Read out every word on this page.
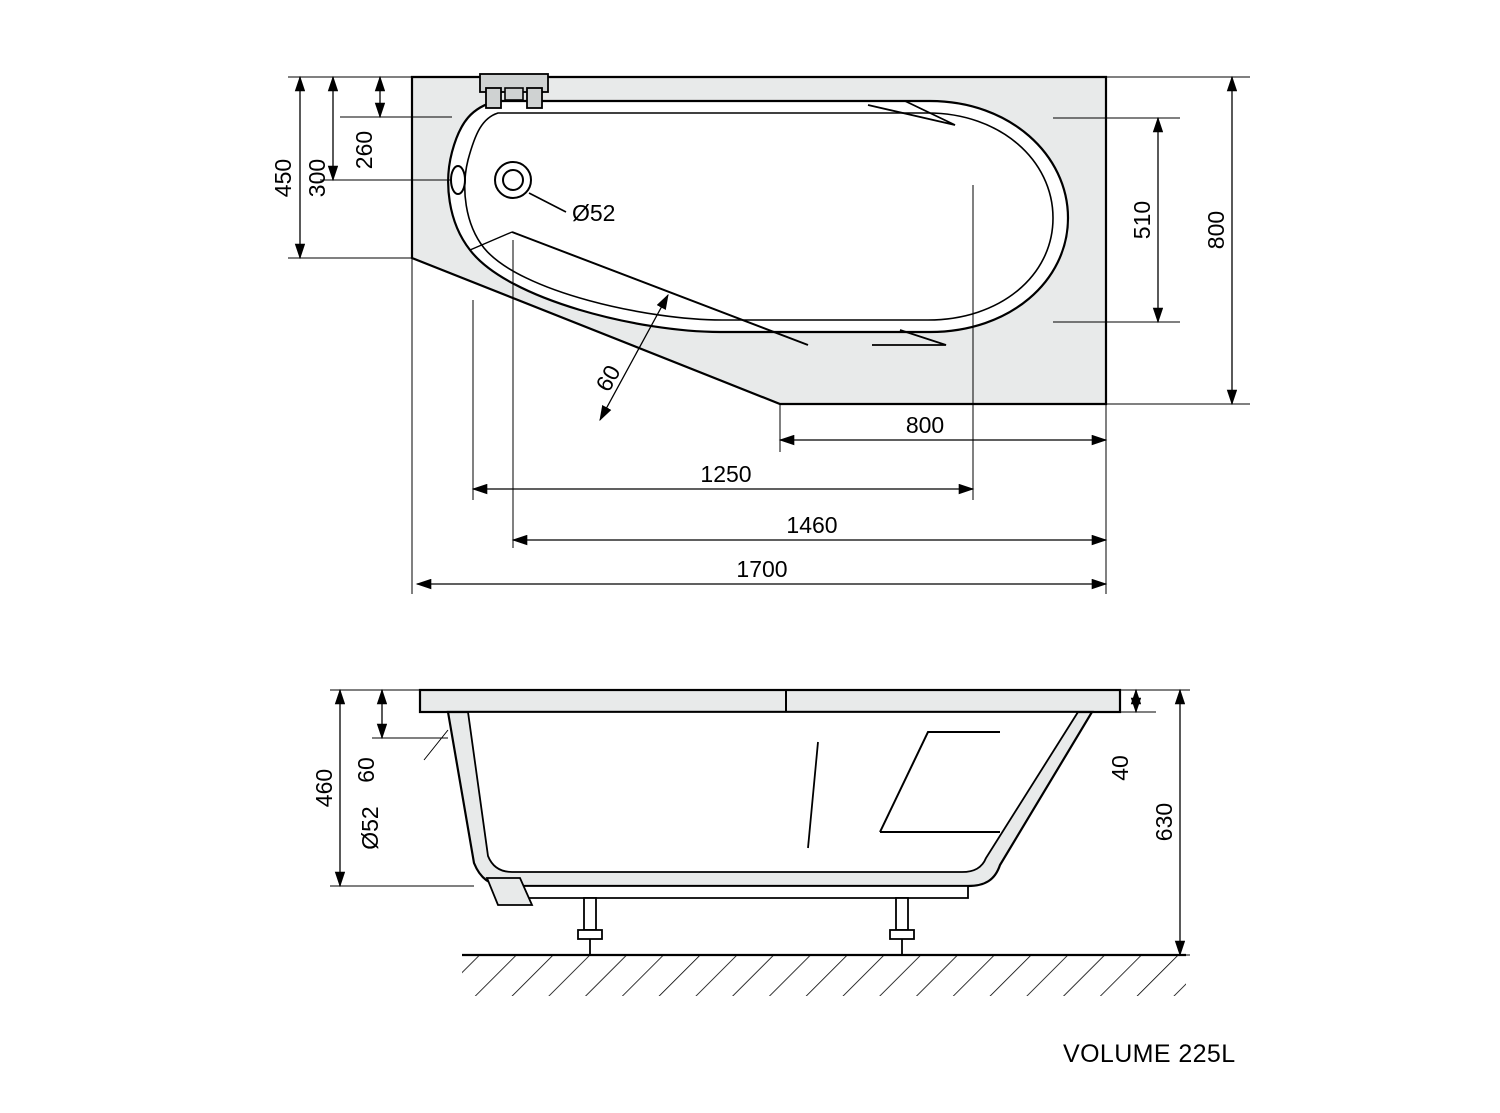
Ø52
450
260
300
510 800
60
800
1250
1460
1700
460 60
Ø52
40
630
VOLUME 225L
